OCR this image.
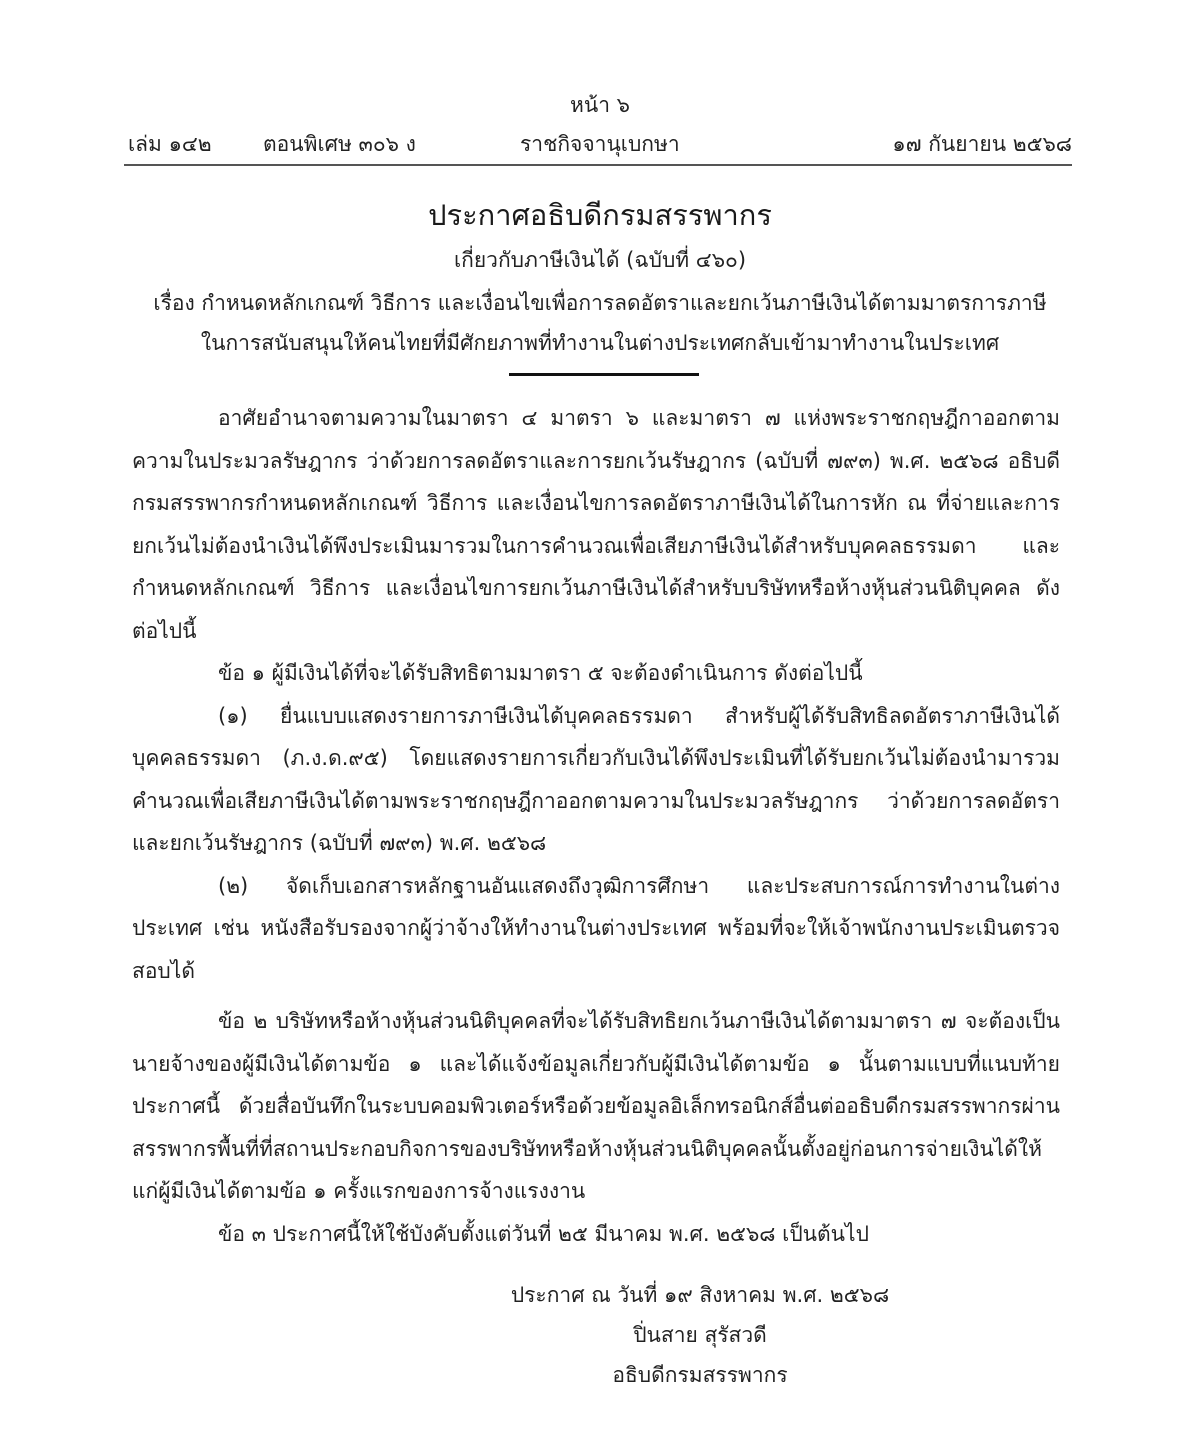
หน้า ๖
เล่ม ๑๔๒ ตอนพิเศษ ๓๐๖ ง	ราชกิจจานุเบกษา	๑๗ กันยายน ๒๕๖๘
ประกาศอธิบดีกรมสรรพากร
เกี่ยวกับภาษีเงินได้ (ฉบับที่ ๔๖๐)
เรื่อง กำหนดหลักเกณฑ์ วิธีการ และเงื่อนไขเพื่อการลดอัตราและยกเว้นภาษีเงินได้ตามมาตรการภาษี
ในการสนับสนุนให้คนไทยที่มีศักยภาพที่ทำงานในต่างประเทศกลับเข้ามาทำงานในประเทศ

อาศัยอำนาจตามความในมาตรา ๔ มาตรา ๖ และมาตรา ๗ แห่งพระราชกฤษฎีกาออกตามความในประมวลรัษฎากร ว่าด้วยการลดอัตราและการยกเว้นรัษฎากร (ฉบับที่ ๗๙๓) พ.ศ. ๒๕๖๘ อธิบดีกรมสรรพากรกำหนดหลักเกณฑ์ วิธีการ และเงื่อนไขการลดอัตราภาษีเงินได้ในการหัก ณ ที่จ่ายและการยกเว้นไม่ต้องนำเงินได้พึงประเมินมารวมในการคำนวณเพื่อเสียภาษีเงินได้สำหรับบุคคลธรรมดา และกำหนดหลักเกณฑ์ วิธีการ และเงื่อนไขการยกเว้นภาษีเงินได้สำหรับบริษัทหรือห้างหุ้นส่วนนิติบุคคล ดังต่อไปนี้

ข้อ ๑ ผู้มีเงินได้ที่จะได้รับสิทธิตามมาตรา ๕ จะต้องดำเนินการ ดังต่อไปนี้

(๑) ยื่นแบบแสดงรายการภาษีเงินได้บุคคลธรรมดา สำหรับผู้ได้รับสิทธิลดอัตราภาษีเงินได้บุคคลธรรมดา (ภ.ง.ด.๙๕) โดยแสดงรายการเกี่ยวกับเงินได้พึงประเมินที่ได้รับยกเว้นไม่ต้องนำมารวมคำนวณเพื่อเสียภาษีเงินได้ตามพระราชกฤษฎีกาออกตามความในประมวลรัษฎากร ว่าด้วยการลดอัตราและยกเว้นรัษฎากร (ฉบับที่ ๗๙๓) พ.ศ. ๒๕๖๘

(๒) จัดเก็บเอกสารหลักฐานอันแสดงถึงวุฒิการศึกษา และประสบการณ์การทำงานในต่างประเทศ เช่น หนังสือรับรองจากผู้ว่าจ้างให้ทำงานในต่างประเทศ พร้อมที่จะให้เจ้าพนักงานประเมินตรวจสอบได้

ข้อ ๒ บริษัทหรือห้างหุ้นส่วนนิติบุคคลที่จะได้รับสิทธิยกเว้นภาษีเงินได้ตามมาตรา ๗ จะต้องเป็นนายจ้างของผู้มีเงินได้ตามข้อ ๑ และได้แจ้งข้อมูลเกี่ยวกับผู้มีเงินได้ตามข้อ ๑ นั้นตามแบบที่แนบท้ายประกาศนี้ ด้วยสื่อบันทึกในระบบคอมพิวเตอร์หรือด้วยข้อมูลอิเล็กทรอนิกส์อื่นต่ออธิบดีกรมสรรพากรผ่านสรรพากรพื้นที่ที่สถานประกอบกิจการของบริษัทหรือห้างหุ้นส่วนนิติบุคคลนั้นตั้งอยู่ก่อนการจ่ายเงินได้ให้แก่ผู้มีเงินได้ตามข้อ ๑ ครั้งแรกของการจ้างแรงงาน

ข้อ ๓ ประกาศนี้ให้ใช้บังคับตั้งแต่วันที่ ๒๕ มีนาคม พ.ศ. ๒๕๖๘ เป็นต้นไป

ประกาศ ณ วันที่ ๑๙ สิงหาคม พ.ศ. ๒๕๖๘
ปิ่นสาย สุรัสวดี
อธิบดีกรมสรรพากร
